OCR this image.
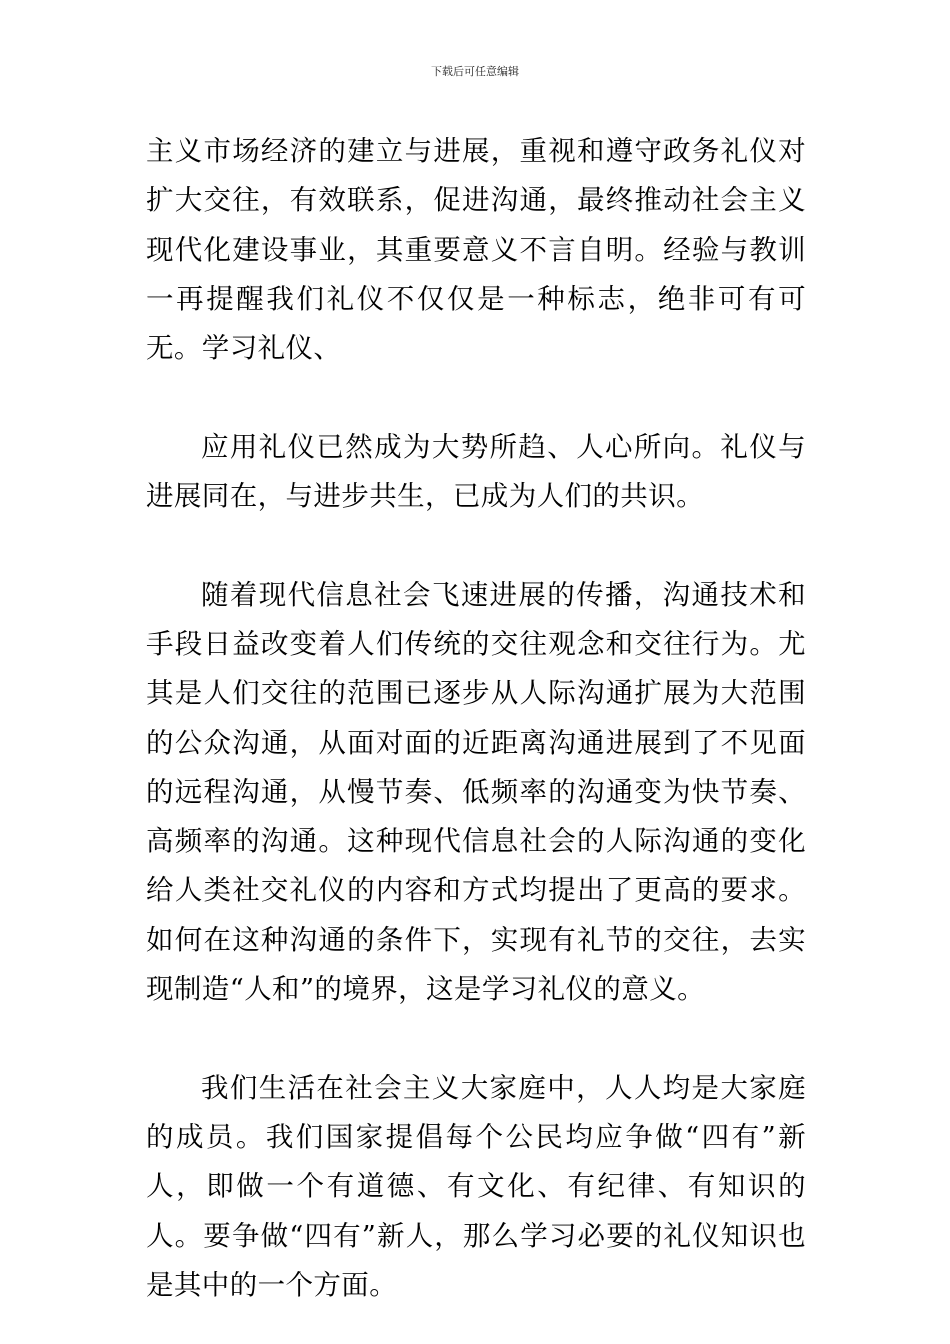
下载后可任意编辑

主义市场经济的建立与进展，重视和遵守政务礼仪对扩大交往，有效联系，促进沟通，最终推动社会主义现代化建设事业，其重要意义不言自明。经验与教训一再提醒我们礼仪不仅仅是一种标志，绝非可有可无。学习礼仪、

应用礼仪已然成为大势所趋、人心所向。礼仪与进展同在，与进步共生，已成为人们的共识。

随着现代信息社会飞速进展的传播，沟通技术和手段日益改变着人们传统的交往观念和交往行为。尤其是人们交往的范围已逐步从人际沟通扩展为大范围的公众沟通，从面对面的近距离沟通进展到了不见面的远程沟通，从慢节奏、低频率的沟通变为快节奏、高频率的沟通。这种现代信息社会的人际沟通的变化给人类社交礼仪的内容和方式均提出了更高的要求。如何在这种沟通的条件下，实现有礼节的交往，去实现制造“人和”的境界，这是学习礼仪的意义。

我们生活在社会主义大家庭中，人人均是大家庭的成员。我们国家提倡每个公民均应争做“四有”新人，即做一个有道德、有文化、有纪律、有知识的人。要争做“四有”新人，那么学习必要的礼仪知识也是其中的一个方面。
